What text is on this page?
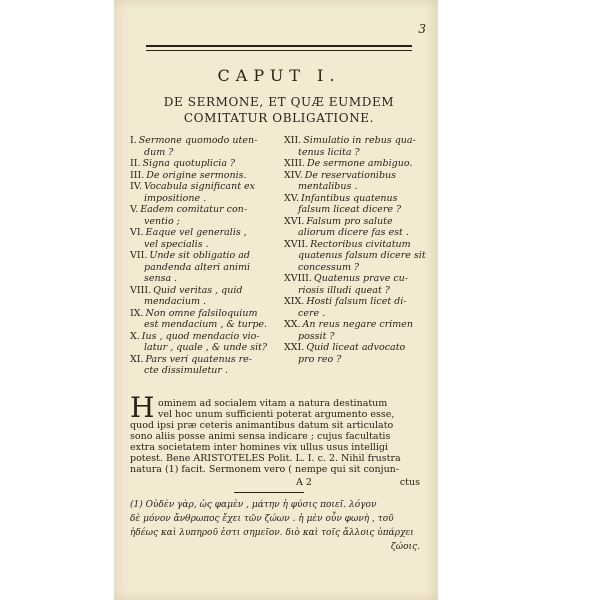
3
CAPUT I.
DE SERMONE, ET QUÆ EUMDEM
COMITATUR OBLIGATIONE.
I. Sermone quomodo uten-
dum ?
II. Signa quotuplicia ?
III. De origine sermonis.
IV. Vocabula significant ex
impositione .
V. Eadem comitatur con-
ventio ;
VI. Eaque vel generalis ,
vel specialis .
VII. Unde sit obligatio ad
pandenda alteri animi
sensa .
VIII. Quid veritas , quid
mendacium .
IX. Non omne falsiloquium
est mendacium , & turpe.
X. Ius , quod mendacio vio-
latur , quale , & unde sit?
XI. Pars veri quatenus re-
cte dissimuletur .
XII. Simulatio in rebus qua-
tenus licita ?
XIII. De sermone ambiguo.
XIV. De reservationibus
mentalibus .
XV. Infantibus quatenus
falsum liceat dicere ?
XVI. Falsum pro salute
aliorum dicere fas est .
XVII. Rectoribus civitatum
quatenus falsum dicere sit
concessum ?
XVIII. Quatenus prave cu-
riosis illudi queat ?
XIX. Hosti falsum licet di-
cere .
XX. An reus negare crimen
possit ?
XXI. Quid liceat advocato
pro reo ?
H ominem ad socialem vitam a natura destinatum
vel hoc unum sufficienti poterat argumento esse,
quod ipsi præ ceteris animantibus datum sit articulato
sono aliis posse animi sensa indicare ; cujus facultatis
extra societatem inter homines vix ullus usus intelligi
potest. Bene ARISTOTELES Polit. L. I. c. 2. Nihil frustra
natura (1) facit. Sermonem vero ( nempe qui sit conjun-
A 2	ctus
(1) Οὐδὲν γὰρ, ὡς φαμὲν , μάτην ἡ φύσις ποιεῖ. λόγον
δὲ μόνον ἄνθρωπος ἔχει τῶν ζώων . ἡ μὲν οὖν φωνὴ , τοῦ
ἡδέως καὶ λυπηροῦ ἐστι σημεῖον. διὸ καὶ τοῖς ἄλλοις ὑπάρχει
ζώοις.
